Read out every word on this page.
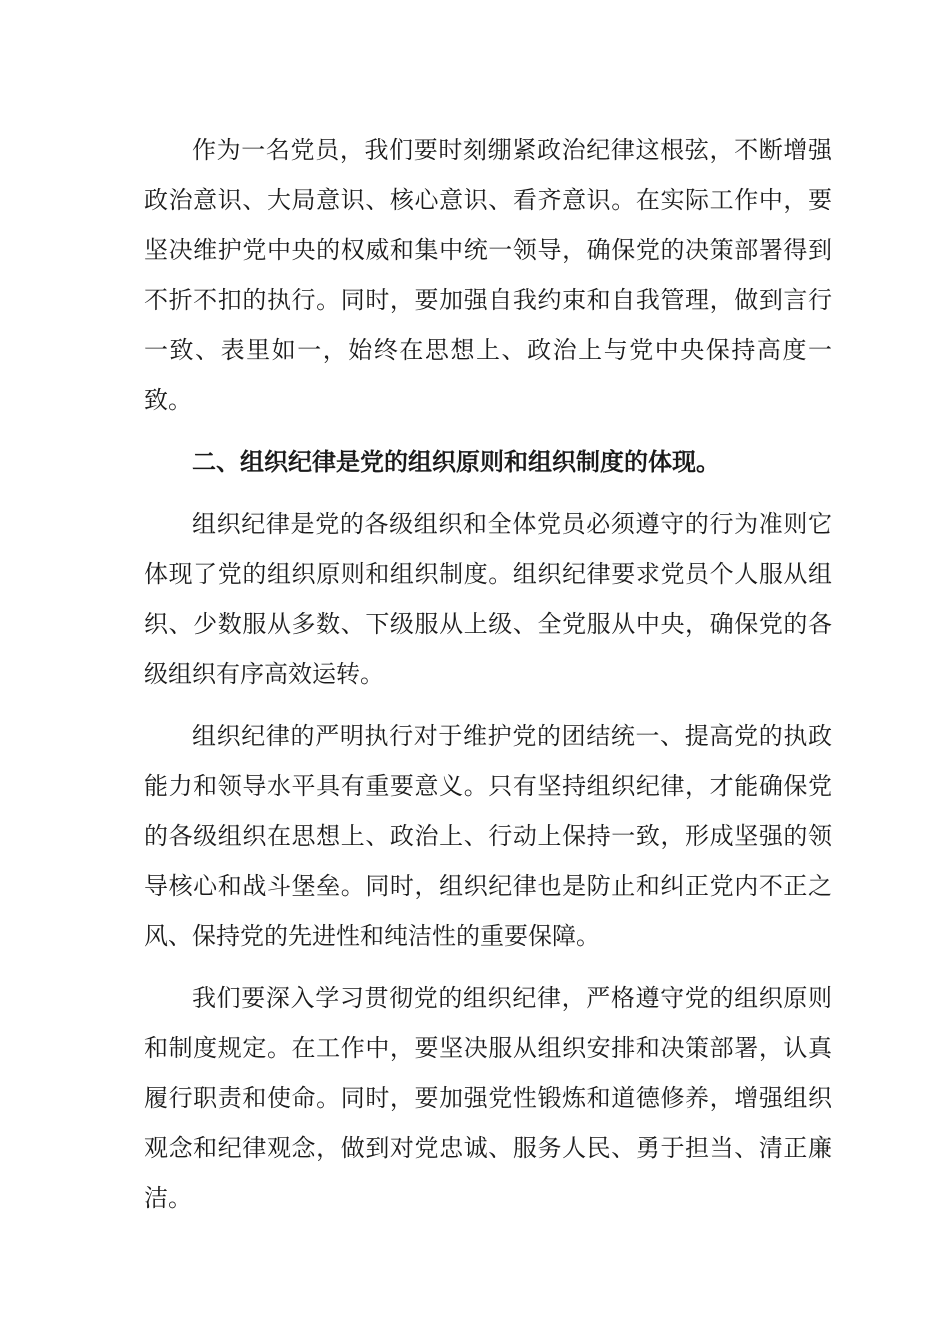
作为一名党员，我们要时刻绷紧政治纪律这根弦，不断增强政治意识、大局意识、核心意识、看齐意识。在实际工作中，要坚决维护党中央的权威和集中统一领导，确保党的决策部署得到不折不扣的执行。同时，要加强自我约束和自我管理，做到言行一致、表里如一，始终在思想上、政治上与党中央保持高度一致。

二、组织纪律是党的组织原则和组织制度的体现。

组织纪律是党的各级组织和全体党员必须遵守的行为准则它体现了党的组织原则和组织制度。组织纪律要求党员个人服从组织、少数服从多数、下级服从上级、全党服从中央，确保党的各级组织有序高效运转。

组织纪律的严明执行对于维护党的团结统一、提高党的执政能力和领导水平具有重要意义。只有坚持组织纪律，才能确保党的各级组织在思想上、政治上、行动上保持一致，形成坚强的领导核心和战斗堡垒。同时，组织纪律也是防止和纠正党内不正之风、保持党的先进性和纯洁性的重要保障。

我们要深入学习贯彻党的组织纪律，严格遵守党的组织原则和制度规定。在工作中，要坚决服从组织安排和决策部署，认真履行职责和使命。同时，要加强党性锻炼和道德修养，增强组织观念和纪律观念，做到对党忠诚、服务人民、勇于担当、清正廉洁。
